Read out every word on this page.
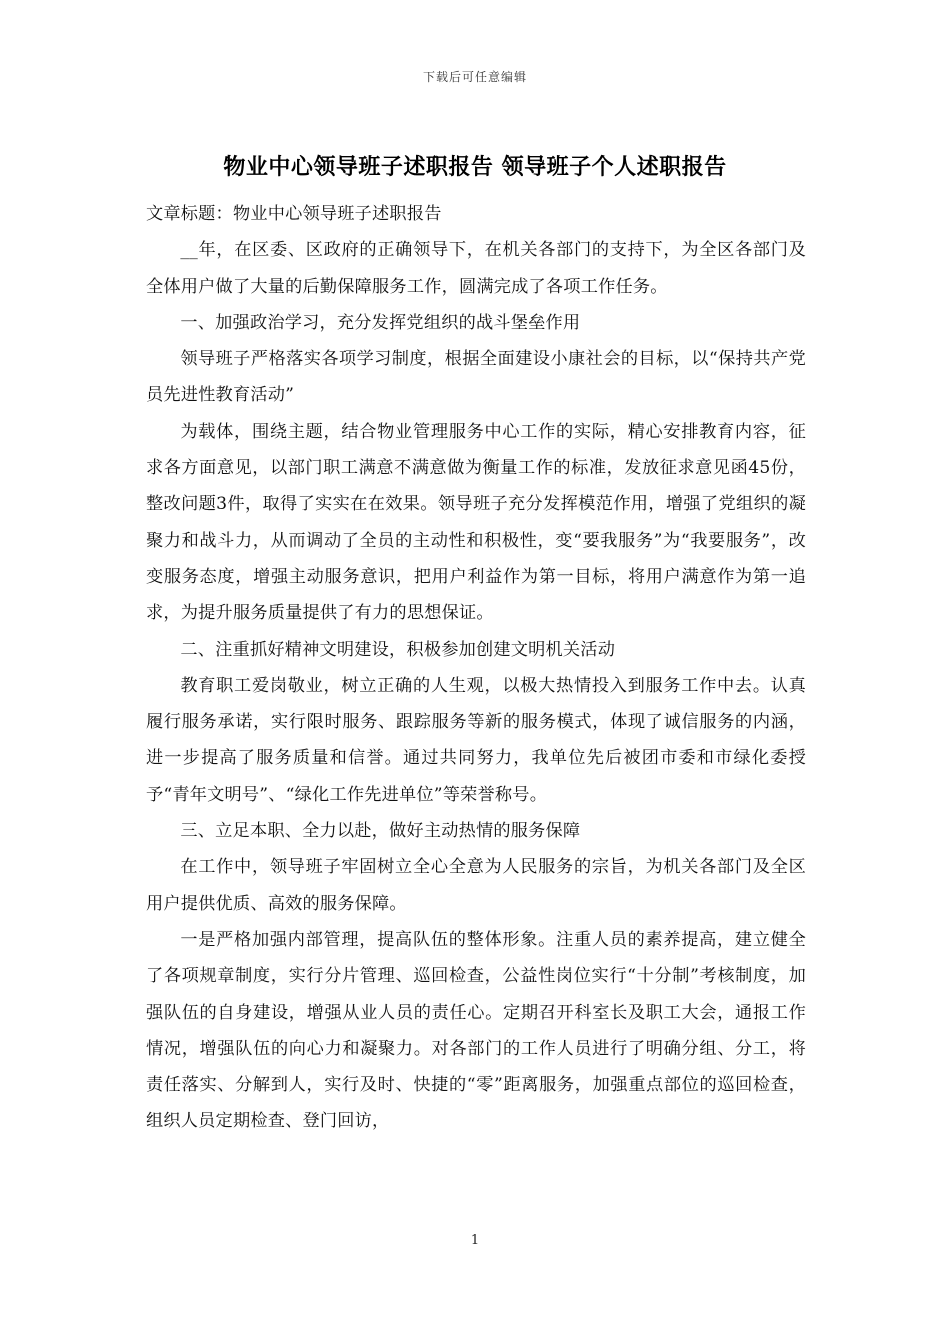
下载后可任意编辑
物业中心领导班子述职报告 领导班子个人述职报告

文章标题：物业中心领导班子述职报告

__年，在区委、区政府的正确领导下，在机关各部门的支持下，为全区各部门及全体用户做了大量的后勤保障服务工作，圆满完成了各项工作任务。

一、加强政治学习，充分发挥党组织的战斗堡垒作用

领导班子严格落实各项学习制度，根据全面建设小康社会的目标，以“保持共产党员先进性教育活动”

为载体，围绕主题，结合物业管理服务中心工作的实际，精心安排教育内容，征求各方面意见，以部门职工满意不满意做为衡量工作的标准，发放征求意见函45份，整改问题3件，取得了实实在在效果。领导班子充分发挥模范作用，增强了党组织的凝聚力和战斗力，从而调动了全员的主动性和积极性，变“要我服务”为“我要服务”，改变服务态度，增强主动服务意识，把用户利益作为第一目标，将用户满意作为第一追求，为提升服务质量提供了有力的思想保证。

二、注重抓好精神文明建设，积极参加创建文明机关活动

教育职工爱岗敬业，树立正确的人生观，以极大热情投入到服务工作中去。认真履行服务承诺，实行限时服务、跟踪服务等新的服务模式，体现了诚信服务的内涵，进一步提高了服务质量和信誉。通过共同努力，我单位先后被团市委和市绿化委授予“青年文明号”、“绿化工作先进单位”等荣誉称号。

三、立足本职、全力以赴，做好主动热情的服务保障

在工作中，领导班子牢固树立全心全意为人民服务的宗旨，为机关各部门及全区用户提供优质、高效的服务保障。

一是严格加强内部管理，提高队伍的整体形象。注重人员的素养提高，建立健全了各项规章制度，实行分片管理、巡回检查，公益性岗位实行“十分制”考核制度，加强队伍的自身建设，增强从业人员的责任心。定期召开科室长及职工大会，通报工作情况，增强队伍的向心力和凝聚力。对各部门的工作人员进行了明确分组、分工，将责任落实、分解到人，实行及时、快捷的“零”距离服务，加强重点部位的巡回检查，组织人员定期检查、登门回访，

1
